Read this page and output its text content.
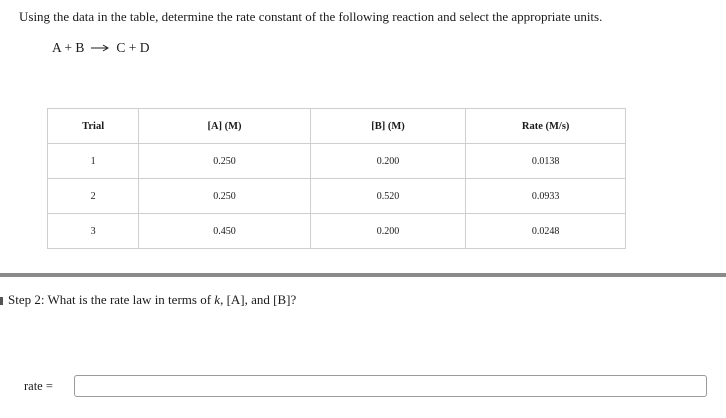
Using the data in the table, determine the rate constant of the following reaction and select the appropriate units.
A + B C + D
Trial	[A] (M)	[B] (M)	Rate (M/s)
1	0.250	0.200	0.0138
2	0.250	0.520	0.0933
3	0.450	0.200	0.0248
Step 2: What is the rate law in terms of k, [A], and [B]?
rate =
